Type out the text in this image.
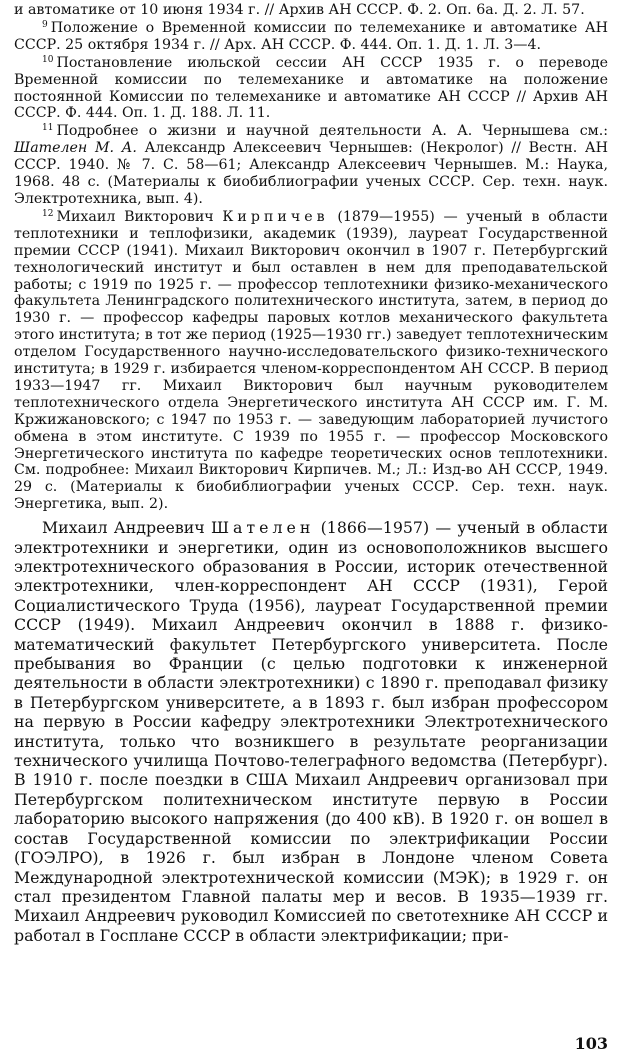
и автоматике от 10 июня 1934 г. // Архив АН СССР. Ф. 2. Оп. 6а. Д. 2. Л. 57.

$^9$ Положение о Временной комиссии по телемеханике и автоматике АН СССР. 25 октября 1934 г. // Арх. АН СССР. Ф. 444. Оп. 1. Д. 1. Л. 3—4.

$^{10}$ Постановление июльской сессии АН СССР 1935 г. о переводе Временной комиссии по телемеханике и автоматике на положение постоянной Комиссии по телемеханике и автоматике АН СССР // Архив АН СССР. Ф. 444. Оп. 1. Д. 188. Л. 11.

$^{11}$ Подробнее о жизни и научной деятельности А. А. Чернышева см.: Шателен М. А. Александр Алексеевич Чернышев: (Некролог) // Вестн. АН СССР. 1940. № 7. С. 58—61; Александр Алексеевич Чернышев. М.: Наука, 1968. 48 с. (Материалы к биобиблиографии ученых СССР. Сер. техн. наук. Электротехника, вып. 4).

$^{12}$ Михаил Викторович Кирпичев (1879—1955) — ученый в области теплотехники и теплофизики, академик (1939), лауреат Государственной премии СССР (1941). Михаил Викторович окончил в 1907 г. Петербургский технологический институт и был оставлен в нем для преподавательской работы; с 1919 по 1925 г. — профессор теплотехники физико-механического факультета Ленинградского политехнического института, затем, в период до 1930 г. — профессор кафедры паровых котлов механического факультета этого института; в тот же период (1925—1930 гг.) заведует теплотехническим отделом Государственного научно-исследовательского физико-технического института; в 1929 г. избирается членом-корреспондентом АН СССР. В период 1933—1947 гг. Михаил Викторович был научным руководителем теплотехнического отдела Энергетического института АН СССР им. Г. М. Кржижановского; с 1947 по 1953 г. — заведующим лабораторией лучистого обмена в этом институте. С 1939 по 1955 г. — профессор Московского Энергетического института по кафедре теоретических основ теплотехники. См. подробнее: Михаил Викторович Кирпичев. М.; Л.: Изд-во АН СССР, 1949. 29 с. (Материалы к биобиблиографии ученых СССР. Сер. техн. наук. Энергетика, вып. 2).

Михаил Андреевич Шателен (1866—1957) — ученый в области электротехники и энергетики, один из основоположников высшего электротехнического образования в России, историк отечественной электротехники, член-корреспондент АН СССР (1931), Герой Социалистического Труда (1956), лауреат Государственной премии СССР (1949). Михаил Андреевич окончил в 1888 г. физико-математический факультет Петербургского университета. После пребывания во Франции (с целью подготовки к инженерной деятельности в области электротехники) с 1890 г. преподавал физику в Петербургском университете, а в 1893 г. был избран профессором на первую в России кафедру электротехники Электротехнического института, только что возникшего в результате реорганизации технического училища Почтово-телеграфного ведомства (Петербург). В 1910 г. после поездки в США Михаил Андреевич организовал при Петербургском политехническом институте первую в России лабораторию высокого напряжения (до 400 кВ). В 1920 г. он вошел в состав Государственной комиссии по электрификации России (ГОЭЛРО), в 1926 г. был избран в Лондоне членом Совета Международной электротехнической комиссии (МЭК); в 1929 г. он стал президентом Главной палаты мер и весов. В 1935—1939 гг. Михаил Андреевич руководил Комиссией по светотехнике АН СССР и работал в Госплане СССР в области электрификации; при-

103
